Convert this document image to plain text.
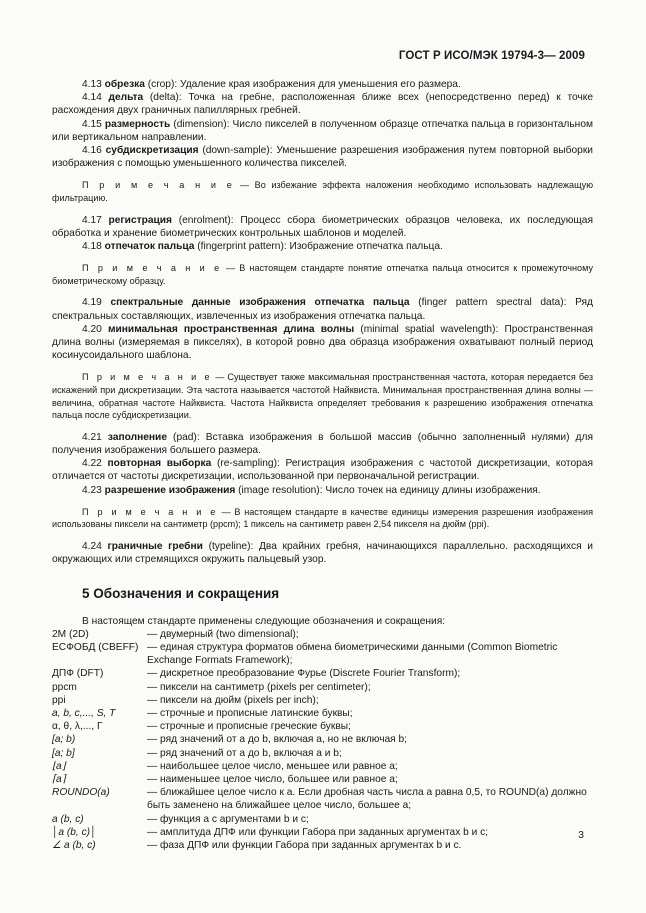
ГОСТ Р ИСО/МЭК 19794-3— 2009

4.13 обрезка (crop): Удаление края изображения для уменьшения его размера.

4.14 дельта (delta): Точка на гребне, расположенная ближе всех (непосредственно перед) к точке расхождения двух граничных папиллярных гребней.

4.15 размерность (dimension): Число пикселей в полученном образце отпечатка пальца в горизонтальном или вертикальном направлении.

4.16 субдискретизация (down-sample): Уменьшение разрешения изображения путем повторной выборки изображения с помощью уменьшенного количества пикселей.

П р и м е ч а н и е — Во избежание эффекта наложения необходимо использовать надлежащую фильтрацию.

4.17 регистрация (enrolment): Процесс сбора биометрических образцов человека, их последующая обработка и хранение биометрических контрольных шаблонов и моделей.

4.18 отпечаток пальца (fingerprint pattern): Изображение отпечатка пальца.

П р и м е ч а н и е — В настоящем стандарте понятие отпечатка пальца относится к промежуточному биометрическому образцу.

4.19 спектральные данные изображения отпечатка пальца (finger pattern spectral data): Ряд спектральных составляющих, извлеченных из изображения отпечатка пальца.

4.20 минимальная пространственная длина волны (minimal spatial wavelength): Пространственная длина волны (измеряемая в пикселях), в которой ровно два образца изображения охватывают полный период косинусоидального шаблона.

П р и м е ч а н и е — Существует также максимальная пространственная частота, которая передается без искажений при дискретизации. Эта частота называется частотой Найквиста. Минимальная пространственная длина волны — величина, обратная частоте Найквиста. Частота Найквиста определяет требования к разрешению изображения отпечатка пальца после субдискретизации.

4.21 заполнение (pad): Вставка изображения в большой массив (обычно заполненный нулями) для получения изображения большего размера.

4.22 повторная выборка (re-sampling): Регистрация изображения с частотой дискретизации, которая отличается от частоты дискретизации, использованной при первоначальной регистрации.

4.23 разрешение изображения (image resolution): Число точек на единицу длины изображения.

П р и м е ч а н и е — В настоящем стандарте в качестве единицы измерения разрешения изображения использованы пиксели на сантиметр (ppcm); 1 пиксель на сантиметр равен 2,54 пикселя на дюйм (ppi).

4.24 граничные гребни (typeline): Два крайних гребня, начинающихся параллельно. расходящихся и окружающих или стремящихся окружить пальцевый узор.

5 Обозначения и сокращения

В настоящем стандарте применены следующие обозначения и сокращения:

2M (2D)	— двумерный (two dimensional);
ЕСФОБД (CBEFF)	— единая структура форматов обмена биометрическими данными (Common Biometric Exchange Formats Framework);
ДПФ (DFT)	— дискретное преобразование Фурье (Discrete Fourier Transform);
ppcm	— пиксели на сантиметр (pixels per centimeter);
ppi	— пиксели на дюйм (pixels per inch);
a, b, c,..., S, T	— строчные и прописные латинские буквы;
α, θ, λ,..., Γ	— строчные и прописные греческие буквы;
[a; b)	— ряд значений от a до b, включая a, но не включая b;
[a; b]	— ряд значений от a до b, включая a и b;
⌊a⌋	— наибольшее целое число, меньшее или равное a;
⌈a⌉	— наименьшее целое число, большее или равное a;
ROUNDO(a)	— ближайшее целое число к a. Если дробная часть числа a равна 0,5, то ROUND(a) должно быть заменено на ближайшее целое число, большее a;
a (b, c)	— функция a с аргументами b и c;
│a (b, c)│	— амплитуда ДПФ или функции Габора при заданных аргументах b и c;
∠ a (b, c)	— фаза ДПФ или функции Габора при заданных аргументах b и c.
3
